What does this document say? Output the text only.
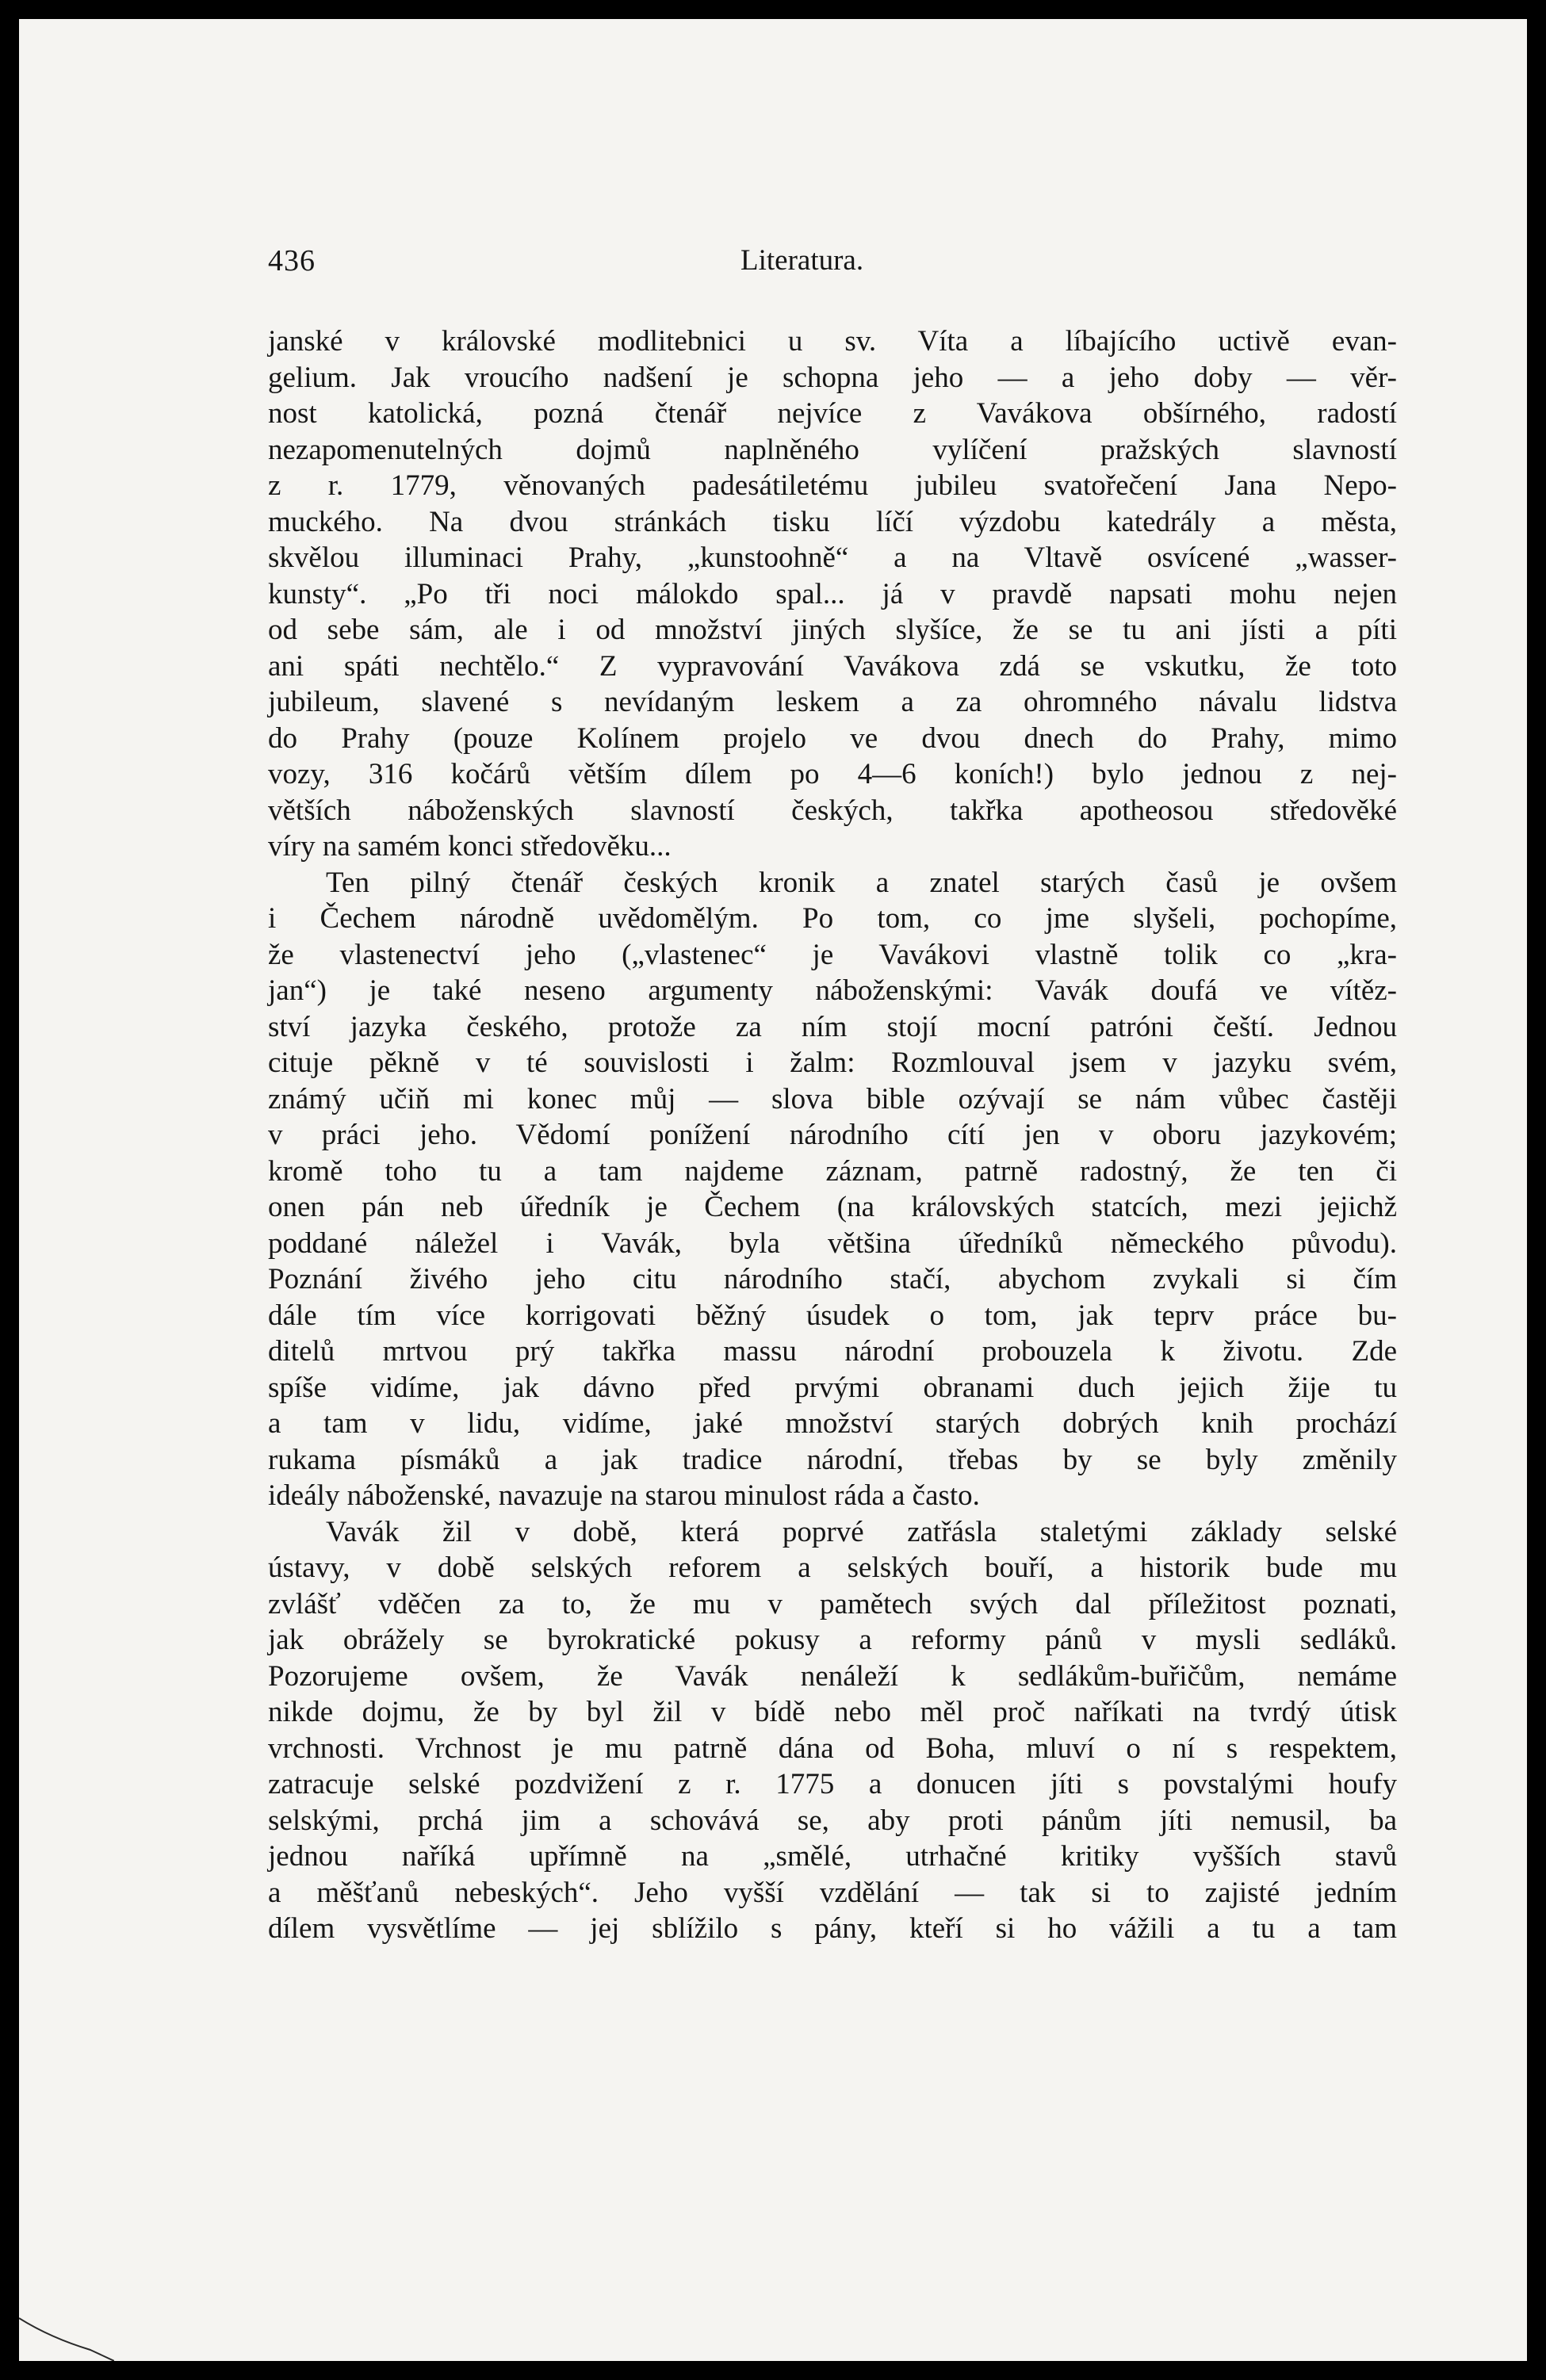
436	Literatura.
janské v královské modlitebnici u sv. Víta a líbajícího uctivě evan-
gelium. Jak vroucího nadšení je schopna jeho — a jeho doby — věr-
nost katolická, pozná čtenář nejvíce z Vavákova obšírného, radostí
nezapomenutelných dojmů naplněného vylíčení pražských slavností
z r. 1779, věnovaných padesátiletému jubileu svatořečení Jana Nepo-
muckého. Na dvou stránkách tisku líčí výzdobu katedrály a města,
skvělou illuminaci Prahy, „kunstoohně“ a na Vltavě osvícené „wasser-
kunsty“. „Po tři noci málokdo spal... já v pravdě napsati mohu nejen
od sebe sám, ale i od množství jiných slyšíce, že se tu ani jísti a píti
ani spáti nechtělo.“ Z vypravování Vavákova zdá se vskutku, že toto
jubileum, slavené s nevídaným leskem a za ohromného návalu lidstva
do Prahy (pouze Kolínem projelo ve dvou dnech do Prahy, mimo
vozy, 316 kočárů větším dílem po 4—6 koních!) bylo jednou z nej-
větších náboženských slavností českých, takřka apotheosou středověké
víry na samém konci středověku...
Ten pilný čtenář českých kronik a znatel starých časů je ovšem
i Čechem národně uvědomělým. Po tom, co jme slyšeli, pochopíme,
že vlastenectví jeho („vlastenec“ je Vavákovi vlastně tolik co „kra-
jan“) je také neseno argumenty náboženskými: Vavák doufá ve vítěz-
ství jazyka českého, protože za ním stojí mocní patróni čeští. Jednou
cituje pěkně v té souvislosti i žalm: Rozmlouval jsem v jazyku svém,
známý učiň mi konec můj — slova bible ozývají se nám vůbec častěji
v práci jeho. Vědomí ponížení národního cítí jen v oboru jazykovém;
kromě toho tu a tam najdeme záznam, patrně radostný, že ten či
onen pán neb úředník je Čechem (na královských statcích, mezi jejichž
poddané náležel i Vavák, byla většina úředníků německého původu).
Poznání živého jeho citu národního stačí, abychom zvykali si čím
dále tím více korrigovati běžný úsudek o tom, jak teprv práce bu-
ditelů mrtvou prý takřka massu národní probouzela k životu. Zde
spíše vidíme, jak dávno před prvými obranami duch jejich žije tu
a tam v lidu, vidíme, jaké množství starých dobrých knih prochází
rukama písmáků a jak tradice národní, třebas by se byly změnily
ideály náboženské, navazuje na starou minulost ráda a často.
Vavák žil v době, která poprvé zatřásla staletými základy selské
ústavy, v době selských reforem a selských bouří, a historik bude mu
zvlášť vděčen za to, že mu v pamětech svých dal příležitost poznati,
jak obrážely se byrokratické pokusy a reformy pánů v mysli sedláků.
Pozorujeme ovšem, že Vavák nenáleží k sedlákům-buřičům, nemáme
nikde dojmu, že by byl žil v bídě nebo měl proč naříkati na tvrdý útisk
vrchnosti. Vrchnost je mu patrně dána od Boha, mluví o ní s respektem,
zatracuje selské pozdvižení z r. 1775 a donucen jíti s povstalými houfy
selskými, prchá jim a schovává se, aby proti pánům jíti nemusil, ba
jednou naříká upřímně na „smělé, utrhačné kritiky vyšších stavů
a měšťanů nebeských“. Jeho vyšší vzdělání — tak si to zajisté jedním
dílem vysvětlíme — jej sblížilo s pány, kteří si ho vážili a tu a tam
